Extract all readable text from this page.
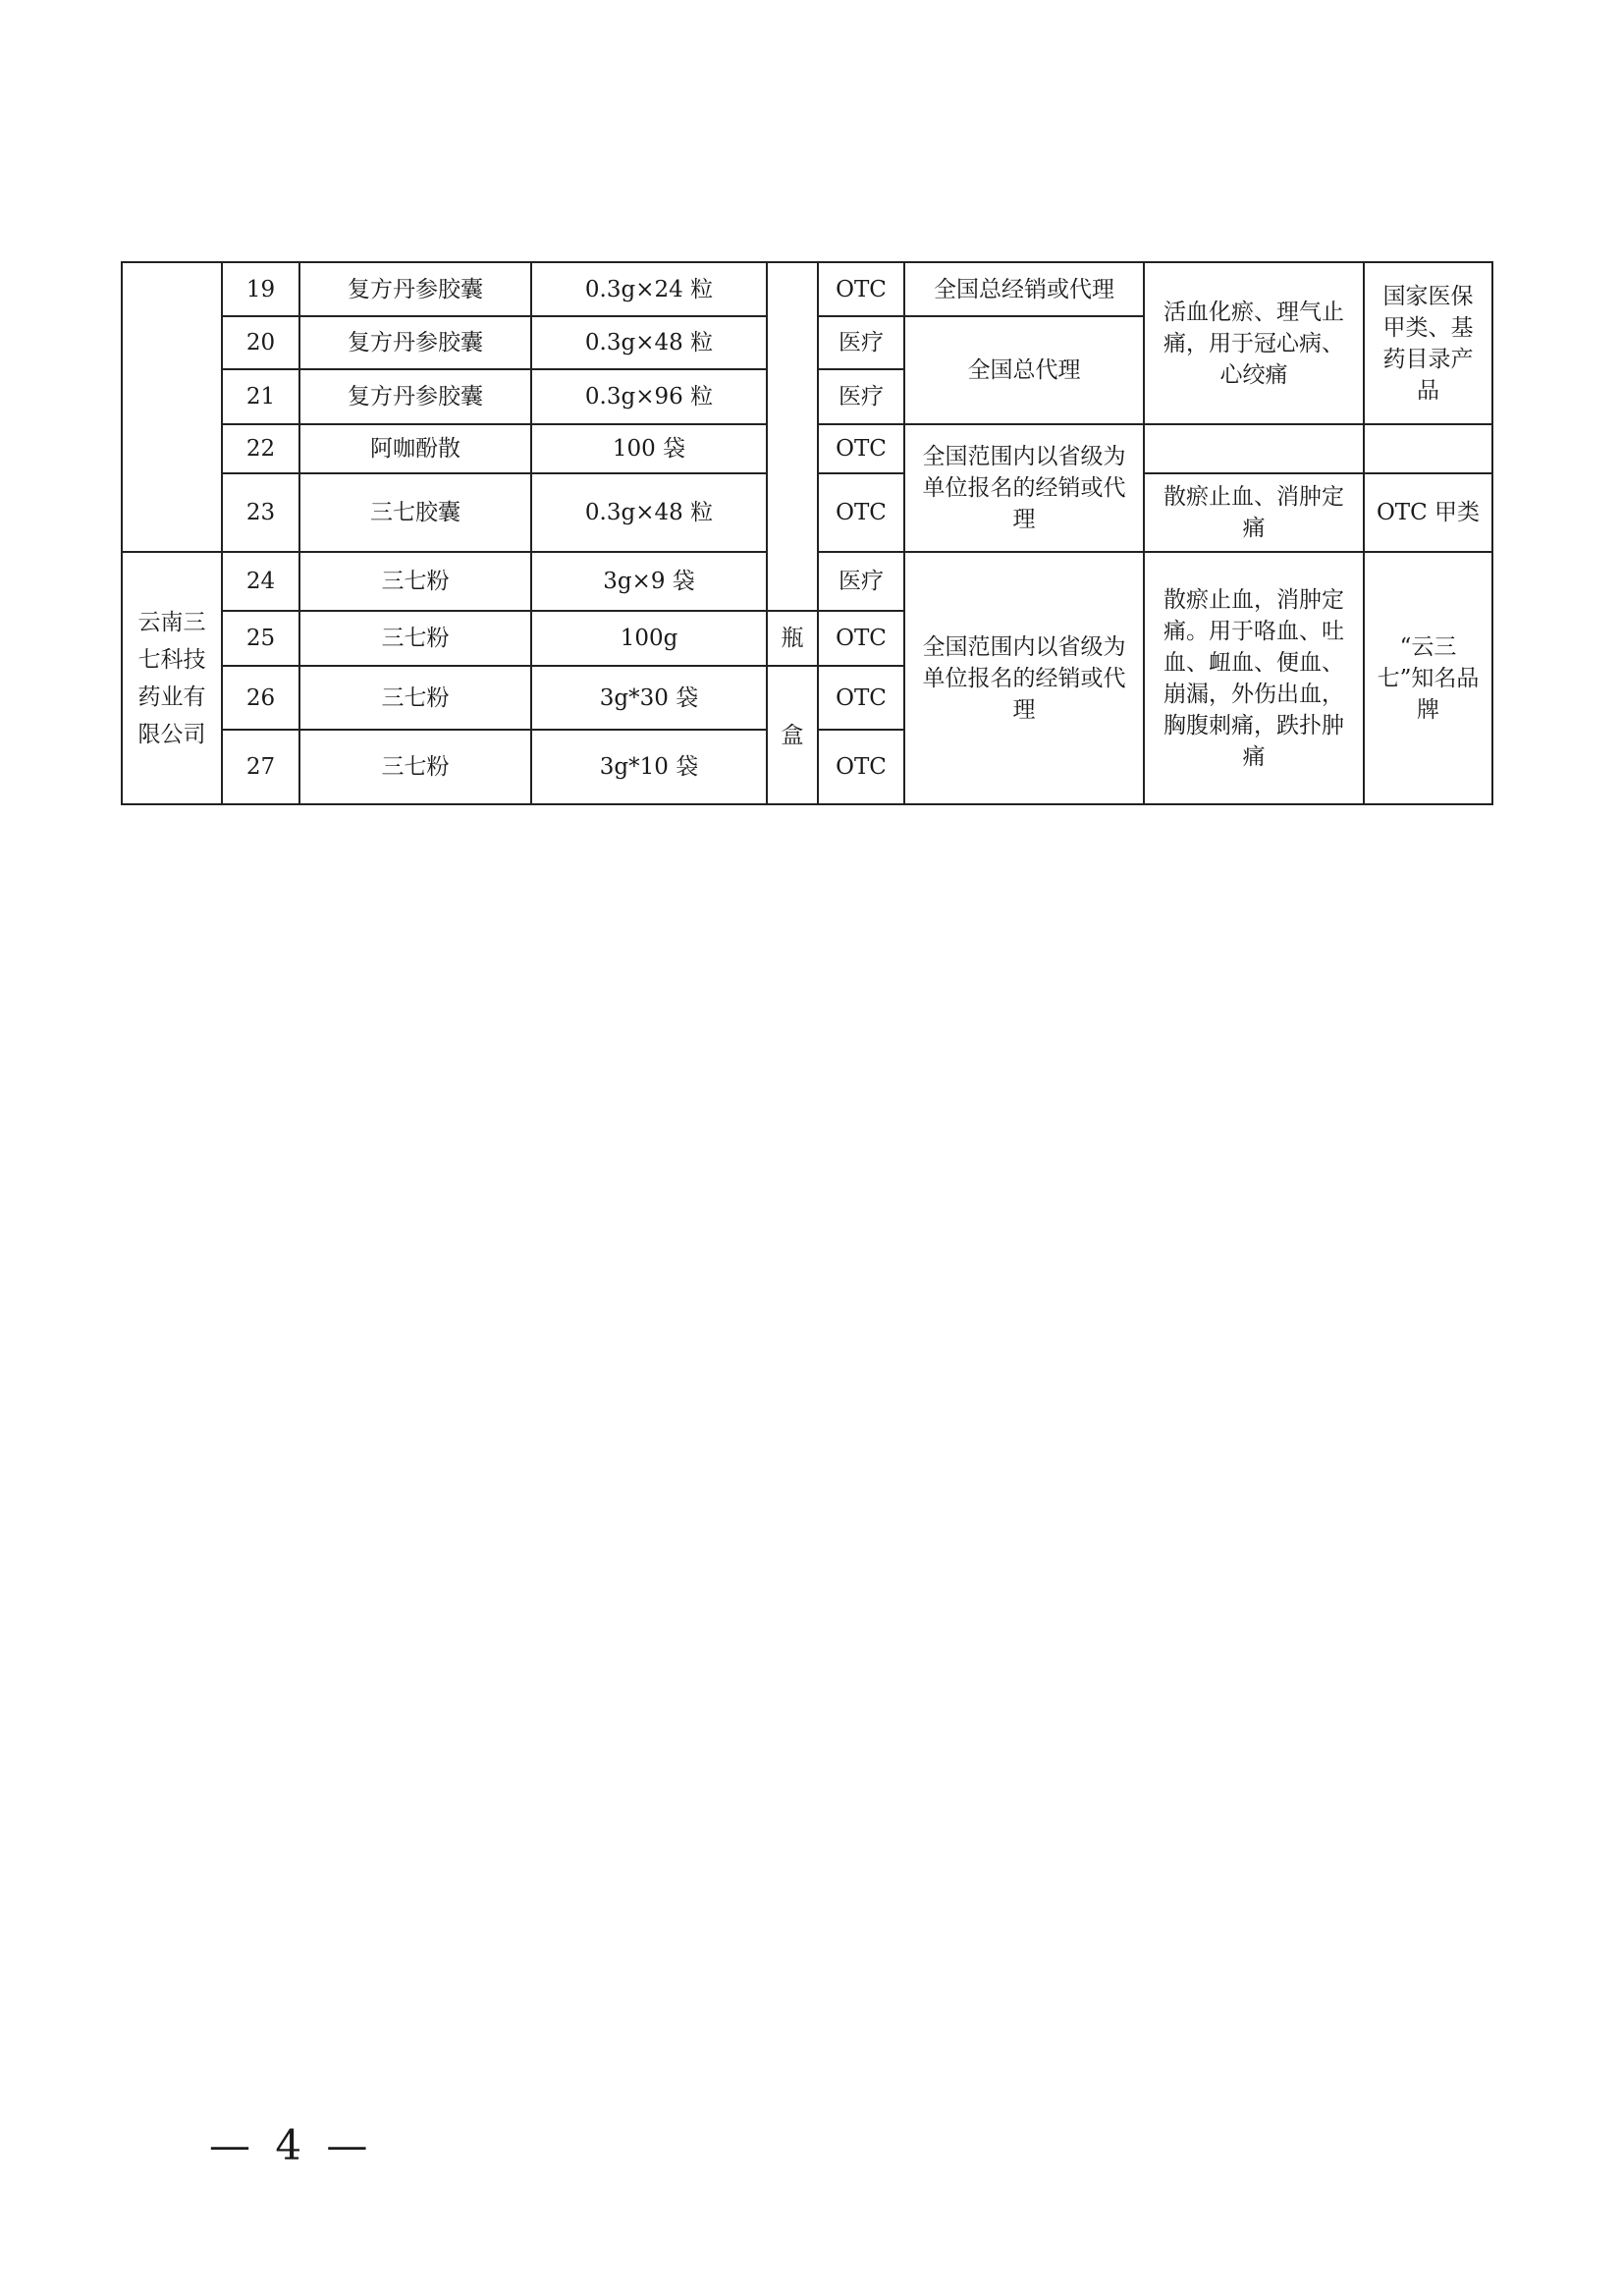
	19	复方丹参胶囊	0.3g×24 粒		OTC	全国总经销或代理	活血化瘀、理气止痛，用于冠心病、心绞痛	国家医保甲类、基药目录产品
	20	复方丹参胶囊	0.3g×48 粒		医疗	全国总代理		
	21	复方丹参胶囊	0.3g×96 粒		医疗			
	22	阿咖酚散	100 袋		OTC	全国范围内以省级为单位报名的经销或代理		
	23	三七胶囊	0.3g×48 粒		OTC		散瘀止血、消肿定痛	OTC 甲类
云南三七科技药业有限公司	24	三七粉	3g×9 袋		医疗	全国范围内以省级为单位报名的经销或代理	散瘀止血，消肿定痛。用于咯血、吐血、衄血、便血、崩漏，外伤出血，胸腹刺痛，跌扑肿痛	“云三七”知名品牌
	25	三七粉	100g	瓶	OTC			
	26	三七粉	3g*30 袋	盒	OTC			
	27	三七粉	3g*10 袋		OTC			
— 4 —
